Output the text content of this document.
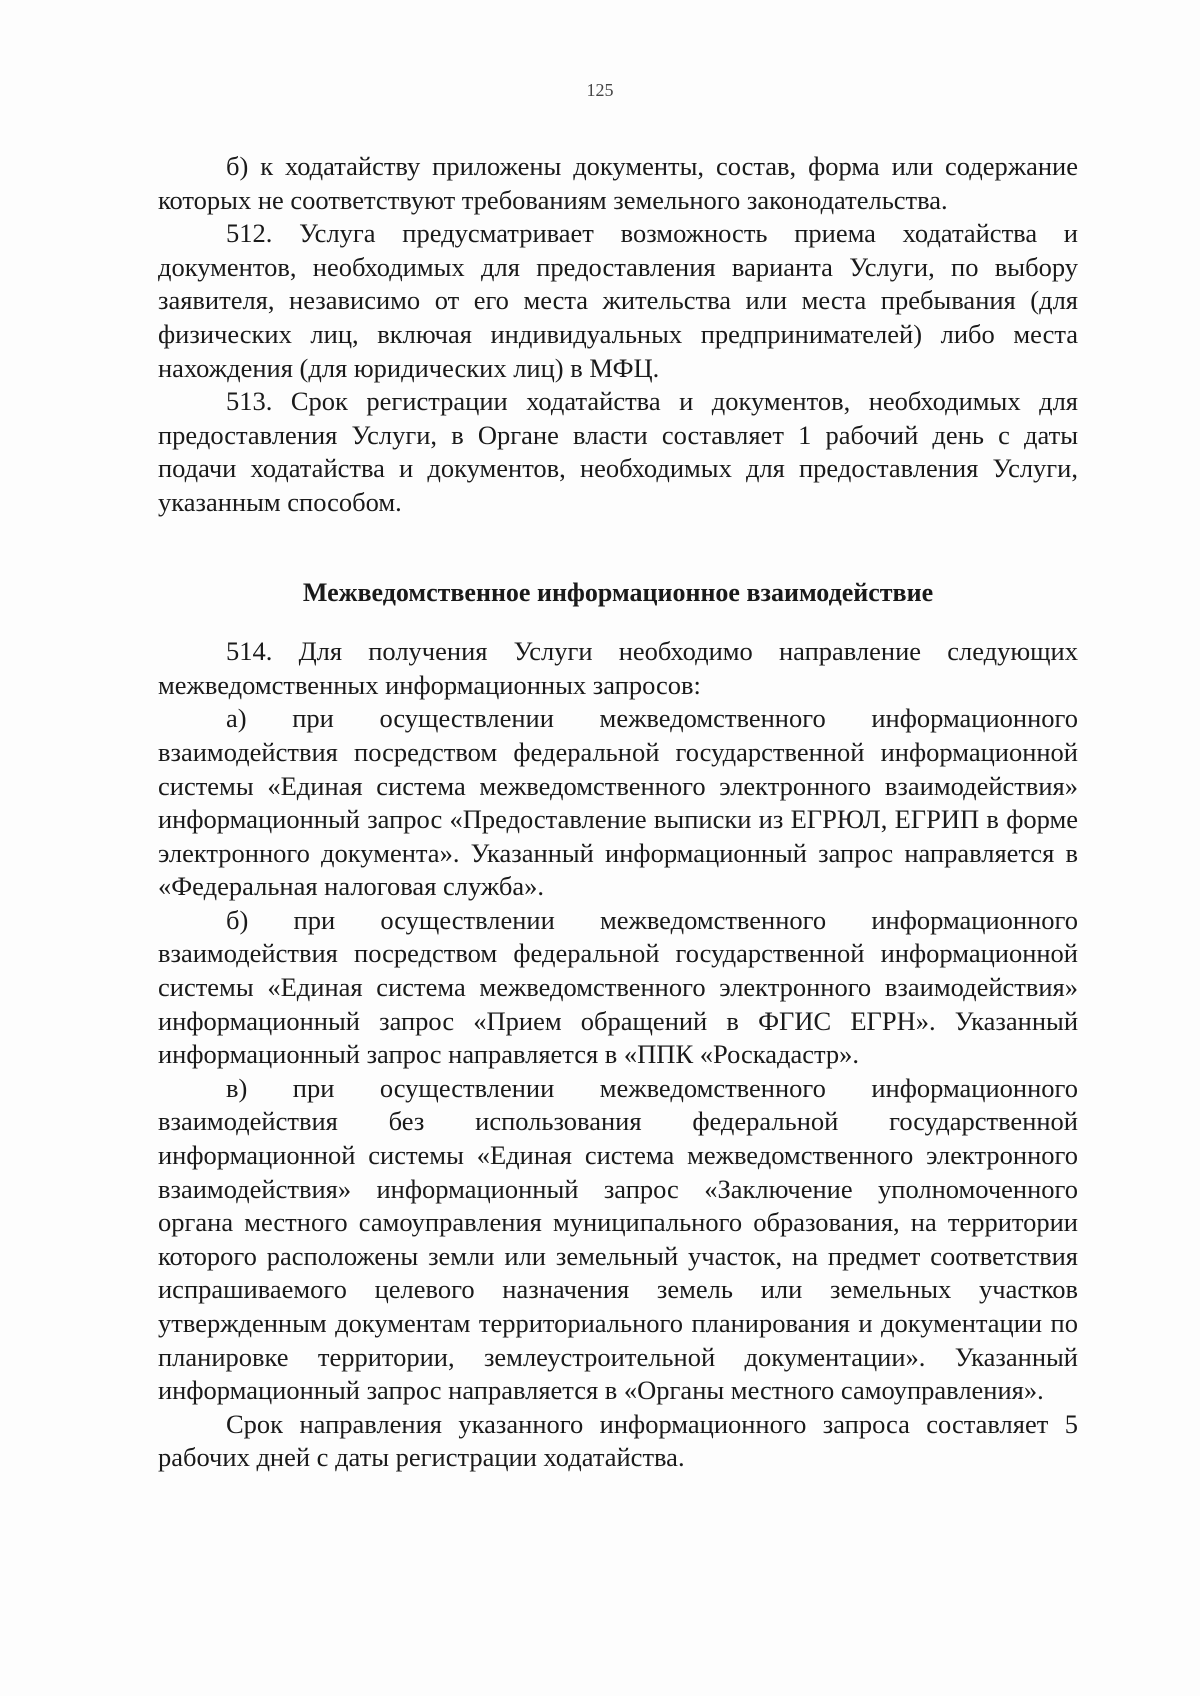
125

б) к ходатайству приложены документы, состав, форма или содержание которых не соответствуют требованиям земельного законодательства.

512. Услуга предусматривает возможность приема ходатайства и документов, необходимых для предоставления варианта Услуги, по выбору заявителя, независимо от его места жительства или места пребывания (для физических лиц, включая индивидуальных предпринимателей) либо места нахождения (для юридических лиц) в МФЦ.

513. Срок регистрации ходатайства и документов, необходимых для предоставления Услуги, в Органе власти составляет 1 рабочий день с даты подачи ходатайства и документов, необходимых для предоставления Услуги, указанным способом.

Межведомственное информационное взаимодействие

514. Для получения Услуги необходимо направление следующих межведомственных информационных запросов:

а) при осуществлении межведомственного информационного взаимодействия посредством федеральной государственной информационной системы «Единая система межведомственного электронного взаимодействия» информационный запрос «Предоставление выписки из ЕГРЮЛ, ЕГРИП в форме электронного документа». Указанный информационный запрос направляется в «Федеральная налоговая служба».

б) при осуществлении межведомственного информационного взаимодействия посредством федеральной государственной информационной системы «Единая система межведомственного электронного взаимодействия» информационный запрос «Прием обращений в ФГИС ЕГРН». Указанный информационный запрос направляется в «ППК «Роскадастр».

в) при осуществлении межведомственного информационного взаимодействия без использования федеральной государственной информационной системы «Единая система межведомственного электронного взаимодействия» информационный запрос «Заключение уполномоченного органа местного самоуправления муниципального образования, на территории которого расположены земли или земельный участок, на предмет соответствия испрашиваемого целевого назначения земель или земельных участков утвержденным документам территориального планирования и документации по планировке территории, землеустроительной документации». Указанный информационный запрос направляется в «Органы местного самоуправления».

Срок направления указанного информационного запроса составляет 5 рабочих дней с даты регистрации ходатайства.
